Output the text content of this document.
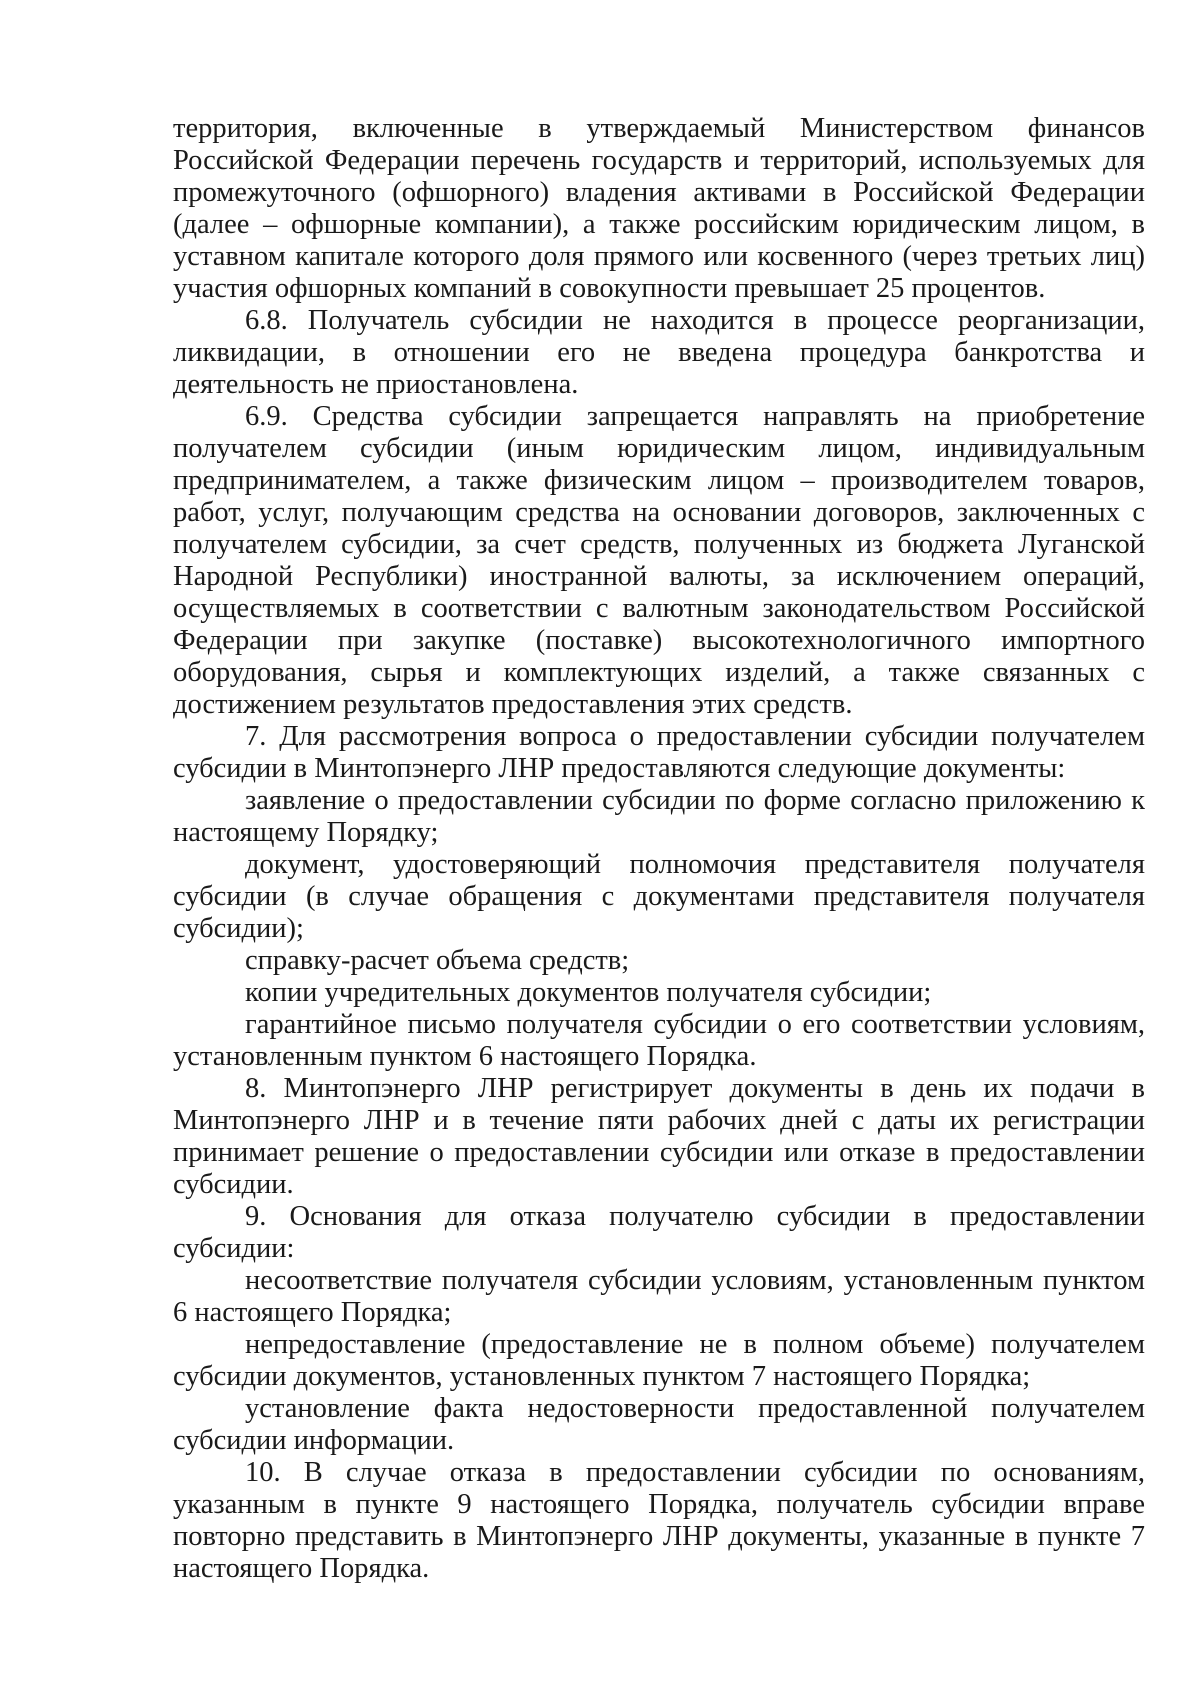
территория, включенные в утверждаемый Министерством финансов Российской Федерации перечень государств и территорий, используемых для промежуточного (офшорного) владения активами в Российской Федерации (далее – офшорные компании), а также российским юридическим лицом, в уставном капитале которого доля прямого или косвенного (через третьих лиц) участия офшорных компаний в совокупности превышает 25 процентов.

6.8. Получатель субсидии не находится в процессе реорганизации, ликвидации, в отношении его не введена процедура банкротства и деятельность не приостановлена.

6.9. Средства субсидии запрещается направлять на приобретение получателем субсидии (иным юридическим лицом, индивидуальным предпринимателем, а также физическим лицом – производителем товаров, работ, услуг, получающим средства на основании договоров, заключенных с получателем субсидии, за счет средств, полученных из бюджета Луганской Народной Республики) иностранной валюты, за исключением операций, осуществляемых в соответствии с валютным законодательством Российской Федерации при закупке (поставке) высокотехнологичного импортного оборудования, сырья и комплектующих изделий, а также связанных с достижением результатов предоставления этих средств.

7. Для рассмотрения вопроса о предоставлении субсидии получателем субсидии в Минтопэнерго ЛНР предоставляются следующие документы:

заявление о предоставлении субсидии по форме согласно приложению к настоящему Порядку;

документ, удостоверяющий полномочия представителя получателя субсидии (в случае обращения с документами представителя получателя субсидии);

справку-расчет объема средств;

копии учредительных документов получателя субсидии;

гарантийное письмо получателя субсидии о его соответствии условиям, установленным пунктом 6 настоящего Порядка.

8. Минтопэнерго ЛНР регистрирует документы в день их подачи в Минтопэнерго ЛНР и в течение пяти рабочих дней с даты их регистрации принимает решение о предоставлении субсидии или отказе в предоставлении субсидии.

9. Основания для отказа получателю субсидии в предоставлении субсидии:

несоответствие получателя субсидии условиям, установленным пунктом 6 настоящего Порядка;

непредоставление (предоставление не в полном объеме) получателем субсидии документов, установленных пунктом 7 настоящего Порядка;

установление факта недостоверности предоставленной получателем субсидии информации.

10. В случае отказа в предоставлении субсидии по основаниям, указанным в пункте 9 настоящего Порядка, получатель субсидии вправе повторно представить в Минтопэнерго ЛНР документы, указанные в пункте 7 настоящего Порядка.
